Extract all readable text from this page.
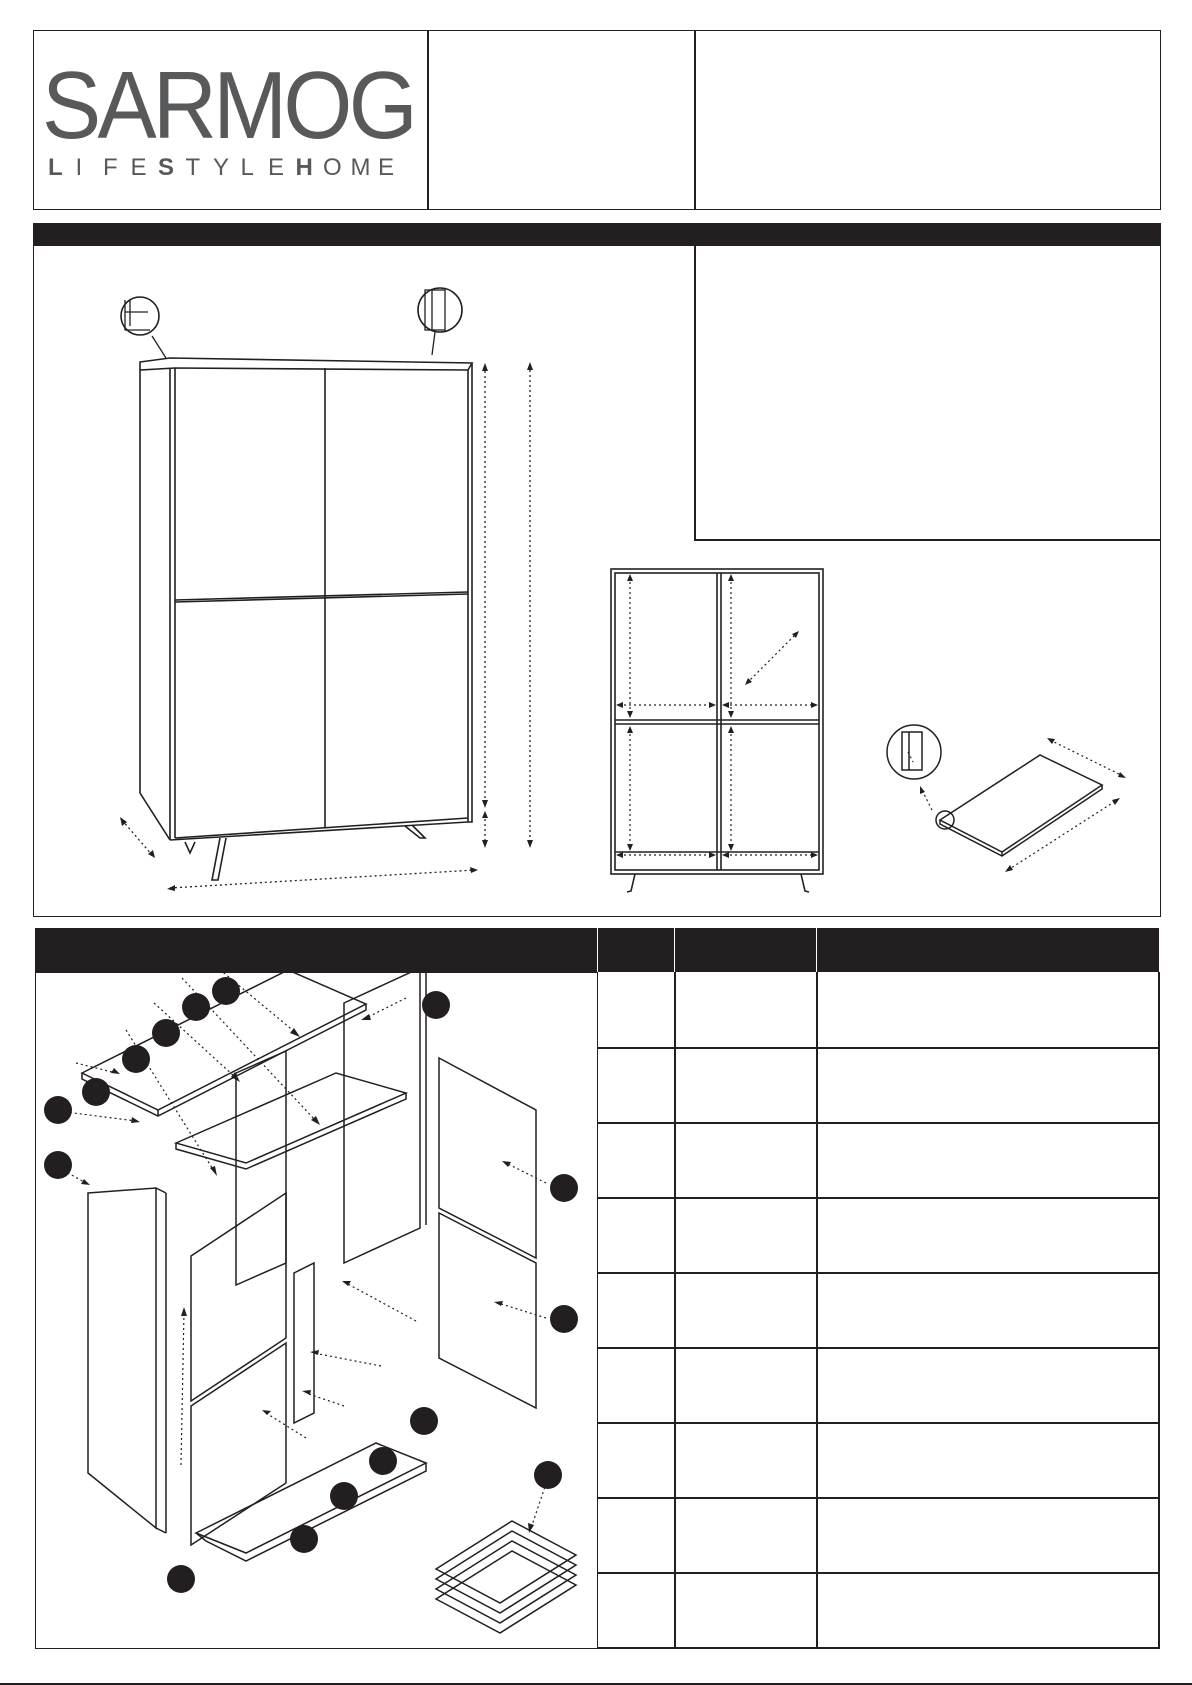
SARMOG
L I F E S T Y L E H O M E
